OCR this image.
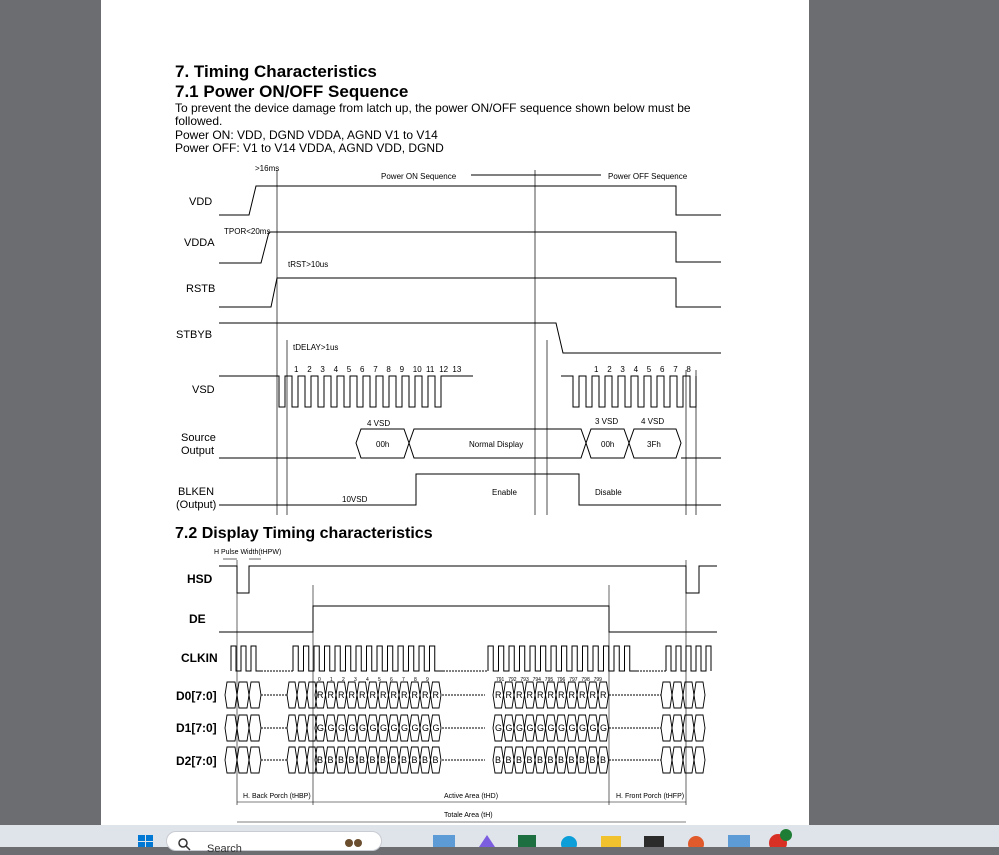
7. Timing Characteristics
7.1 Power ON/OFF Sequence
To prevent the device damage from latch up, the power ON/OFF sequence shown below must be followed.
Power ON: VDD, DGND VDDA, AGND V1 to V14
Power OFF: V1 to V14 VDDA, AGND VDD, DGND
VDD
VDDA
RSTB
STBYB
VSD
Source
Output
BLKEN
(Output)
>16ms
TPOR<20ms
tRST>10us
tDELAY>1us
Power ON Sequence	Power OFF Sequence
1 2 3 4 5 6 7 8 9 10 11 12 13	1 2 3 4 5 6 7 8
4 VSD	3 VSD	4 VSD
00h	Normal Display	00h	3Fh
10VSD
Enable	Disable
7.2 Display Timing characteristics
R R R R R R R R R R R R	R R R R R R R R R R R
G G G G G G G G G G G G	G G G G G G G G G G G
B B B B B B B B B B B B	B B B B B B B B B B B
HSD
DE
CLKIN
D0[7:0]
D1[7:0]
D2[7:0]
H Pulse Width(tHPW)
0 1 2 3 4 5 6 7 8 9	791 792 793 794 795 796 797 798 799
H. Back Porch (tHBP)	Active Area (tHD)	H. Front Porch (tHFP)
Totale Area (tH)
Search
